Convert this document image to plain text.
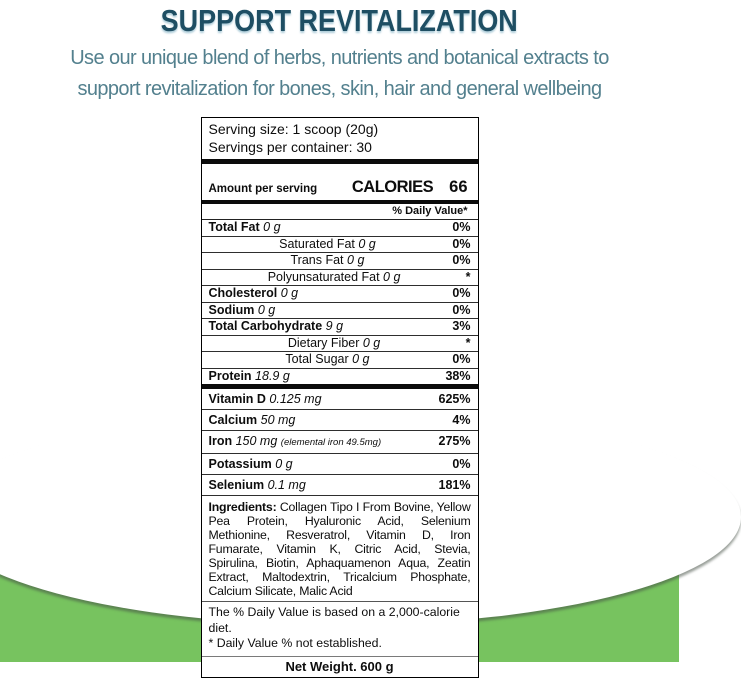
SUPPORT REVITALIZATION
Use our unique blend of herbs, nutrients and botanical extracts to
support revitalization for bones, skin, hair and general wellbeing
Serving size: 1 scoop (20g)
Servings per container: 30
Amount per serving CALORIES 66
% Daily Value*
Total Fat 0 g	0%
Saturated Fat 0 g	0%
Trans Fat 0 g	0%
Polyunsaturated Fat 0 g	*
Cholesterol 0 g	0%
Sodium 0 g	0%
Total Carbohydrate 9 g	3%
Dietary Fiber 0 g	*
Total Sugar 0 g	0%
Protein 18.9 g	38%
Vitamin D 0.125 mg	625%
Calcium 50 mg	4%
Iron 150 mg (elemental iron 49.5mg)	275%
Potassium 0 g	0%
Selenium 0.1 mg	181%
Ingredients: Collagen Tipo I From Bovine, Yellow Pea Protein, Hyaluronic Acid, Selenium Methionine, Resveratrol, Vitamin D, Iron Fumarate, Vitamin K, Citric Acid, Stevia, Spirulina, Biotin, Aphaquamenon Aqua, Zeatin Extract, Maltodextrin, Tricalcium Phosphate, Calcium Silicate, Malic Acid
The % Daily Value is based on a 2,000-calorie diet.
* Daily Value % not established.
Net Weight. 600 g
